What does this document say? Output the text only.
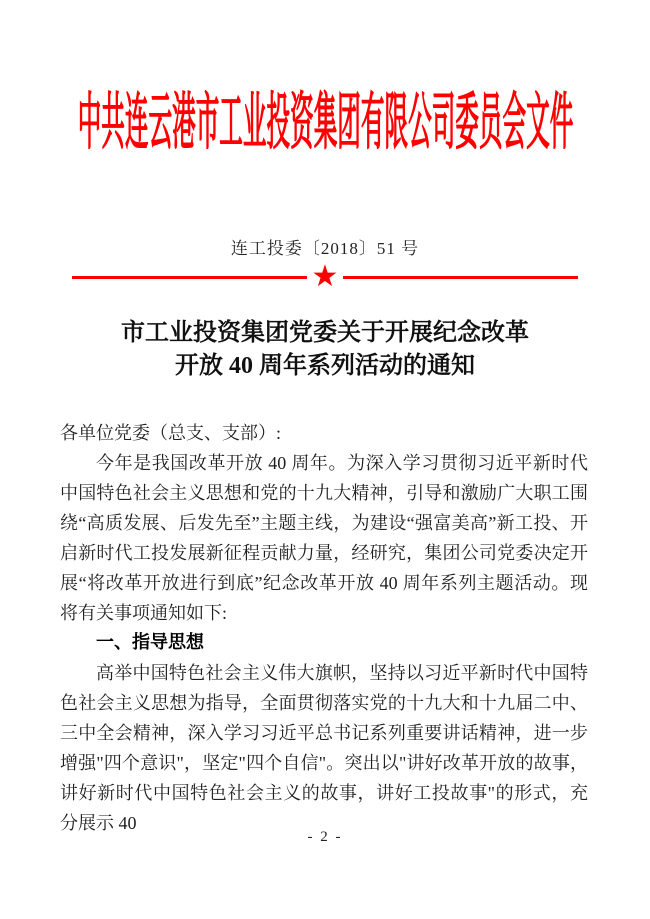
中共连云港市工业投资集团有限公司委员会文件
连工投委〔2018〕51 号
★
市工业投资集团党委关于开展纪念改革
开放 40 周年系列活动的通知

各单位党委（总支、支部）:

今年是我国改革开放 40 周年。为深入学习贯彻习近平新时代中国特色社会主义思想和党的十九大精神，引导和激励广大职工围绕“高质发展、后发先至”主题主线，为建设“强富美高”新工投、开启新时代工投发展新征程贡献力量，经研究，集团公司党委决定开展“将改革开放进行到底”纪念改革开放 40 周年系列主题活动。现将有关事项通知如下:

一、指导思想

高举中国特色社会主义伟大旗帜，坚持以习近平新时代中国特色社会主义思想为指导，全面贯彻落实党的十九大和十九届二中、三中全会精神，深入学习习近平总书记系列重要讲话精神，进一步增强"四个意识"，坚定"四个自信"。突出以"讲好改革开放的故事，讲好新时代中国特色社会主义的故事，讲好工投故事"的形式，充分展示 40

- 2 -
